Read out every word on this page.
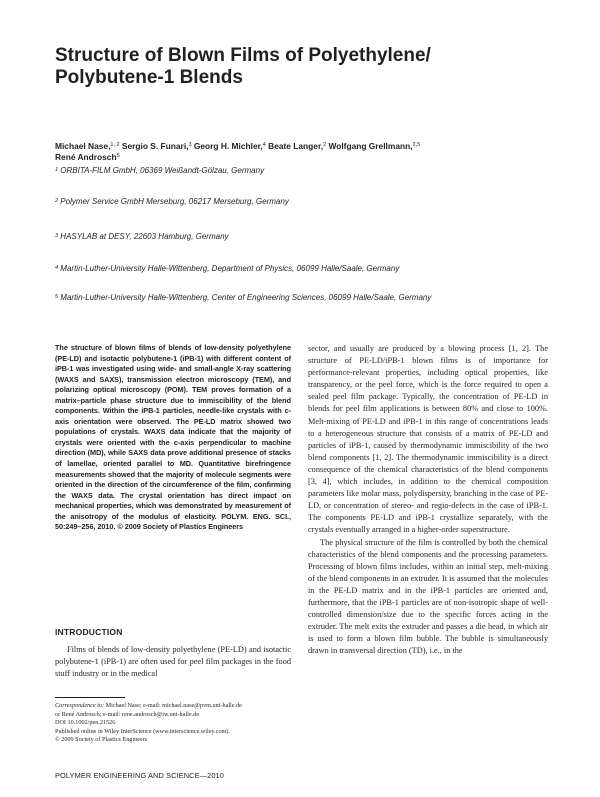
Structure of Blown Films of Polyethylene/
Polybutene-1 Blends
Michael Nase,$^{1, 2}$ Sergio S. Funari,$^3$ Georg H. Michler,$^4$ Beate Langer,$^2$ Wolfgang Grellmann,$^{2,5}$
René Androsch$^5$
$^1$ ORBITA-FILM GmbH, 06369 Weißandt-Gölzau, Germany
$^2$ Polymer Service GmbH Merseburg, 06217 Merseburg, Germany
$^3$ HASYLAB at DESY, 22603 Hamburg, Germany
$^4$ Martin-Luther-University Halle-Wittenberg, Department of Physics, 06099 Halle/Saale, Germany
$^5$ Martin-Luther-University Halle-Wittenberg, Center of Engineering Sciences, 06099 Halle/Saale, Germany
The structure of blown films of blends of low-density polyethylene (PE-LD) and isotactic polybutene-1 (iPB-1) with different content of iPB-1 was investigated using wide- and small-angle X-ray scattering (WAXS and SAXS), transmission electron microscopy (TEM), and polarizing optical microscopy (POM). TEM proves formation of a matrix–particle phase structure due to immiscibility of the blend components. Within the iPB-1 particles, needle-like crystals with c-axis orientation were observed. The PE-LD matrix showed two populations of crystals. WAXS data indicate that the majority of crystals were oriented with the c-axis perpendicular to machine direction (MD), while SAXS data prove additional presence of stacks of lamellae, oriented parallel to MD. Quantitative birefringence measurements showed that the majority of molecule segments were oriented in the direction of the circumference of the film, confirming the WAXS data. The crystal orientation has direct impact on mechanical properties, which was demonstrated by measurement of the anisotropy of the modulus of elasticity. POLYM. ENG. SCI., 50:249–256, 2010. © 2009 Society of Plastics Engineers
INTRODUCTION

Films of blends of low-density polyethylene (PE-LD) and isotactic polybutene-1 (iPB-1) are often used for peel film packages in the food stuff industry or in the medical

Correspondence to: Michael Nase; e-mail: michael.nase@pvm.uni-halle.de
or René Androsch; e-mail: rene.androsch@iw.uni-halle.de
DOI 10.1002/pen.21526
Published online in Wiley InterScience (www.interscience.wiley.com).
© 2009 Society of Plastics Engineers

sector, and usually are produced by a blowing process [1, 2]. The structure of PE-LD/iPB-1 blown films is of importance for performance-relevant properties, including optical properties, like transparency, or the peel force, which is the force required to open a sealed peel film package. Typically, the concentration of PE-LD in blends for peel film applications is between 80% and close to 100%. Melt-mixing of PE-LD and iPB-1 in this range of concentrations leads to a heterogeneous structure that consists of a matrix of PE-LD and particles of iPB-1, caused by thermodynamic immiscibility of the two blend components [1, 2]. The thermodynamic immiscibility is a direct consequence of the chemical characteristics of the blend components [3, 4], which includes, in addition to the chemical composition parameters like molar mass, polydispersity, branching in the case of PE-LD, or concentration of stereo- and regio-defects in the case of iPB-1. The components PE-LD and iPB-1 crystallize separately, with the crystals eventually arranged in a higher-order superstructure.

The physical structure of the film is controlled by both the chemical characteristics of the blend components and the processing parameters. Processing of blown films includes, within an initial step, melt-mixing of the blend components in an extruder. It is assumed that the molecules in the PE-LD matrix and in the iPB-1 particles are oriented and, furthermore, that the iPB-1 particles are of non-isotropic shape of well-controlled dimension/size due to the specific forces acting in the extruder. The melt exits the extruder and passes a die head, in which air is used to form a blown film bubble. The bubble is simultaneously drawn in transversal direction (TD), i.e., in the

POLYMER ENGINEERING AND SCIENCE—2010
